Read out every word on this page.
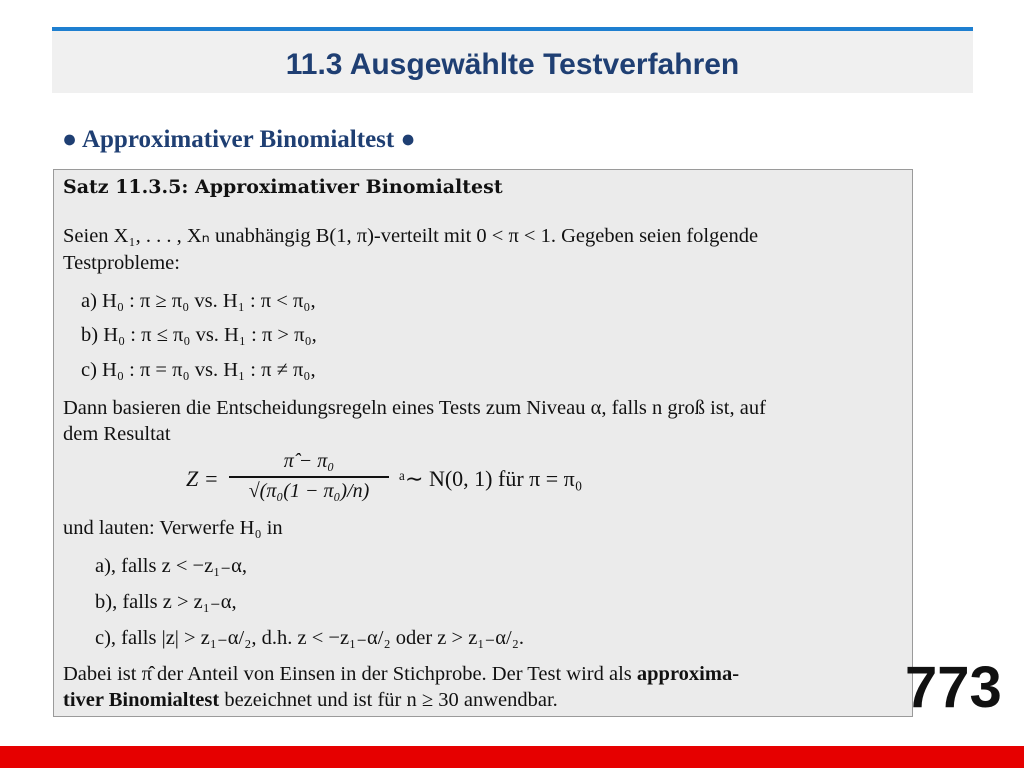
11.3 Ausgewählte Testverfahren
● Approximativer Binomialtest ●
Satz 11.3.5: Approximativer Binomialtest
Seien X₁, . . . , Xₙ unabhängig B(1, π)-verteilt mit 0 < π < 1. Gegeben seien folgende
Testprobleme:
a) H₀ : π ≥ π₀ vs. H₁ : π < π₀,
b) H₀ : π ≤ π₀ vs. H₁ : π > π₀,
c) H₀ : π = π₀ vs. H₁ : π ≠ π₀,
Dann basieren die Entscheidungsregeln eines Tests zum Niveau α, falls n groß ist, auf
dem Resultat
Z =
π̂ − π₀
√(π₀(1 − π₀)/n)	ᵃ∼ N(0, 1) für π = π₀
und lauten: Verwerfe H₀ in
a), falls z < −z₁₋α,
b), falls z > z₁₋α,
c), falls |z| > z₁₋α/₂, d.h. z < −z₁₋α/₂ oder z > z₁₋α/₂.
Dabei ist π̂ der Anteil von Einsen in der Stichprobe. Der Test wird als approxima-
tiver Binomialtest bezeichnet und ist für n ≥ 30 anwendbar.	773
